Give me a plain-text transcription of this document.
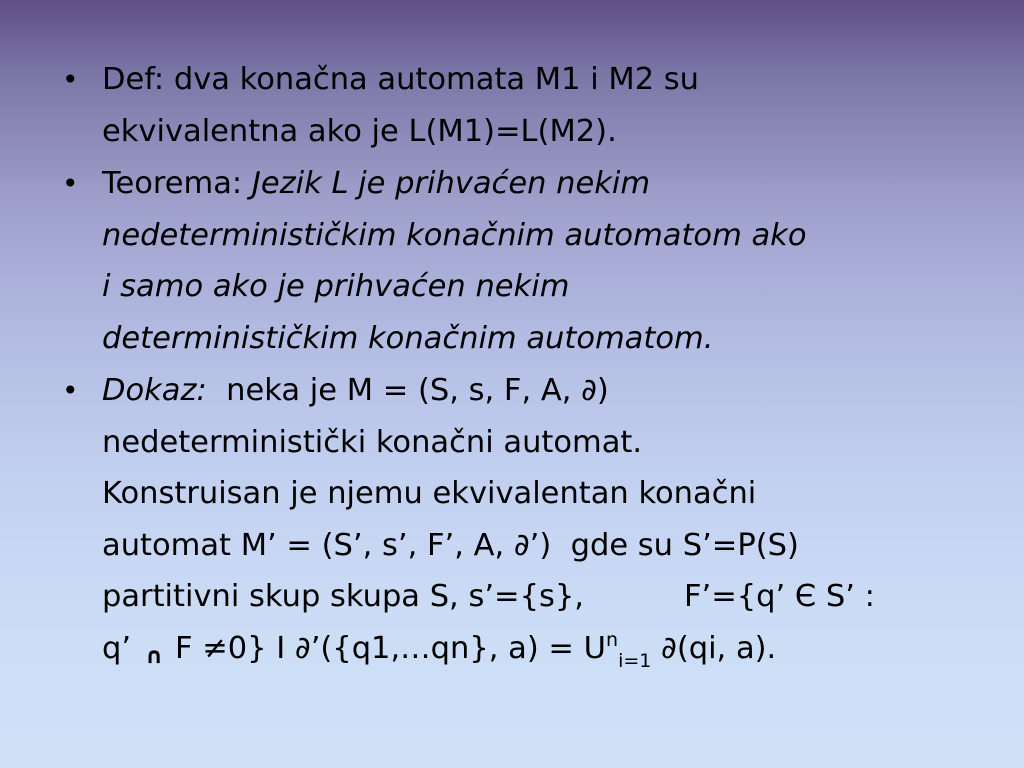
• Def: dva konačna automata M1 i M2 su
ekvivalentna ako je L(M1)=L(M2).
• Teorema: Jezik L je prihvaćen nekim
nedeterminističkim konačnim automatom ako
i samo ako je prihvaćen nekim
determinističkim konačnim automatom.
• Dokaz:  neka je M = (S, s, F, A, ∂)
nedeterministički konačni automat.
Konstruisan je njemu ekvivalentan konačni
automat M’ = (S’, s’, F’, A, ∂’)  gde su S’=P(S)
partitivni skup skupa S, s’={s},	F’={q’ Є S’ :
q’ ∩ F ≠0} I ∂’({q1,…qn}, $a) = U^n_{i=1}$ ∂(qi, a).
